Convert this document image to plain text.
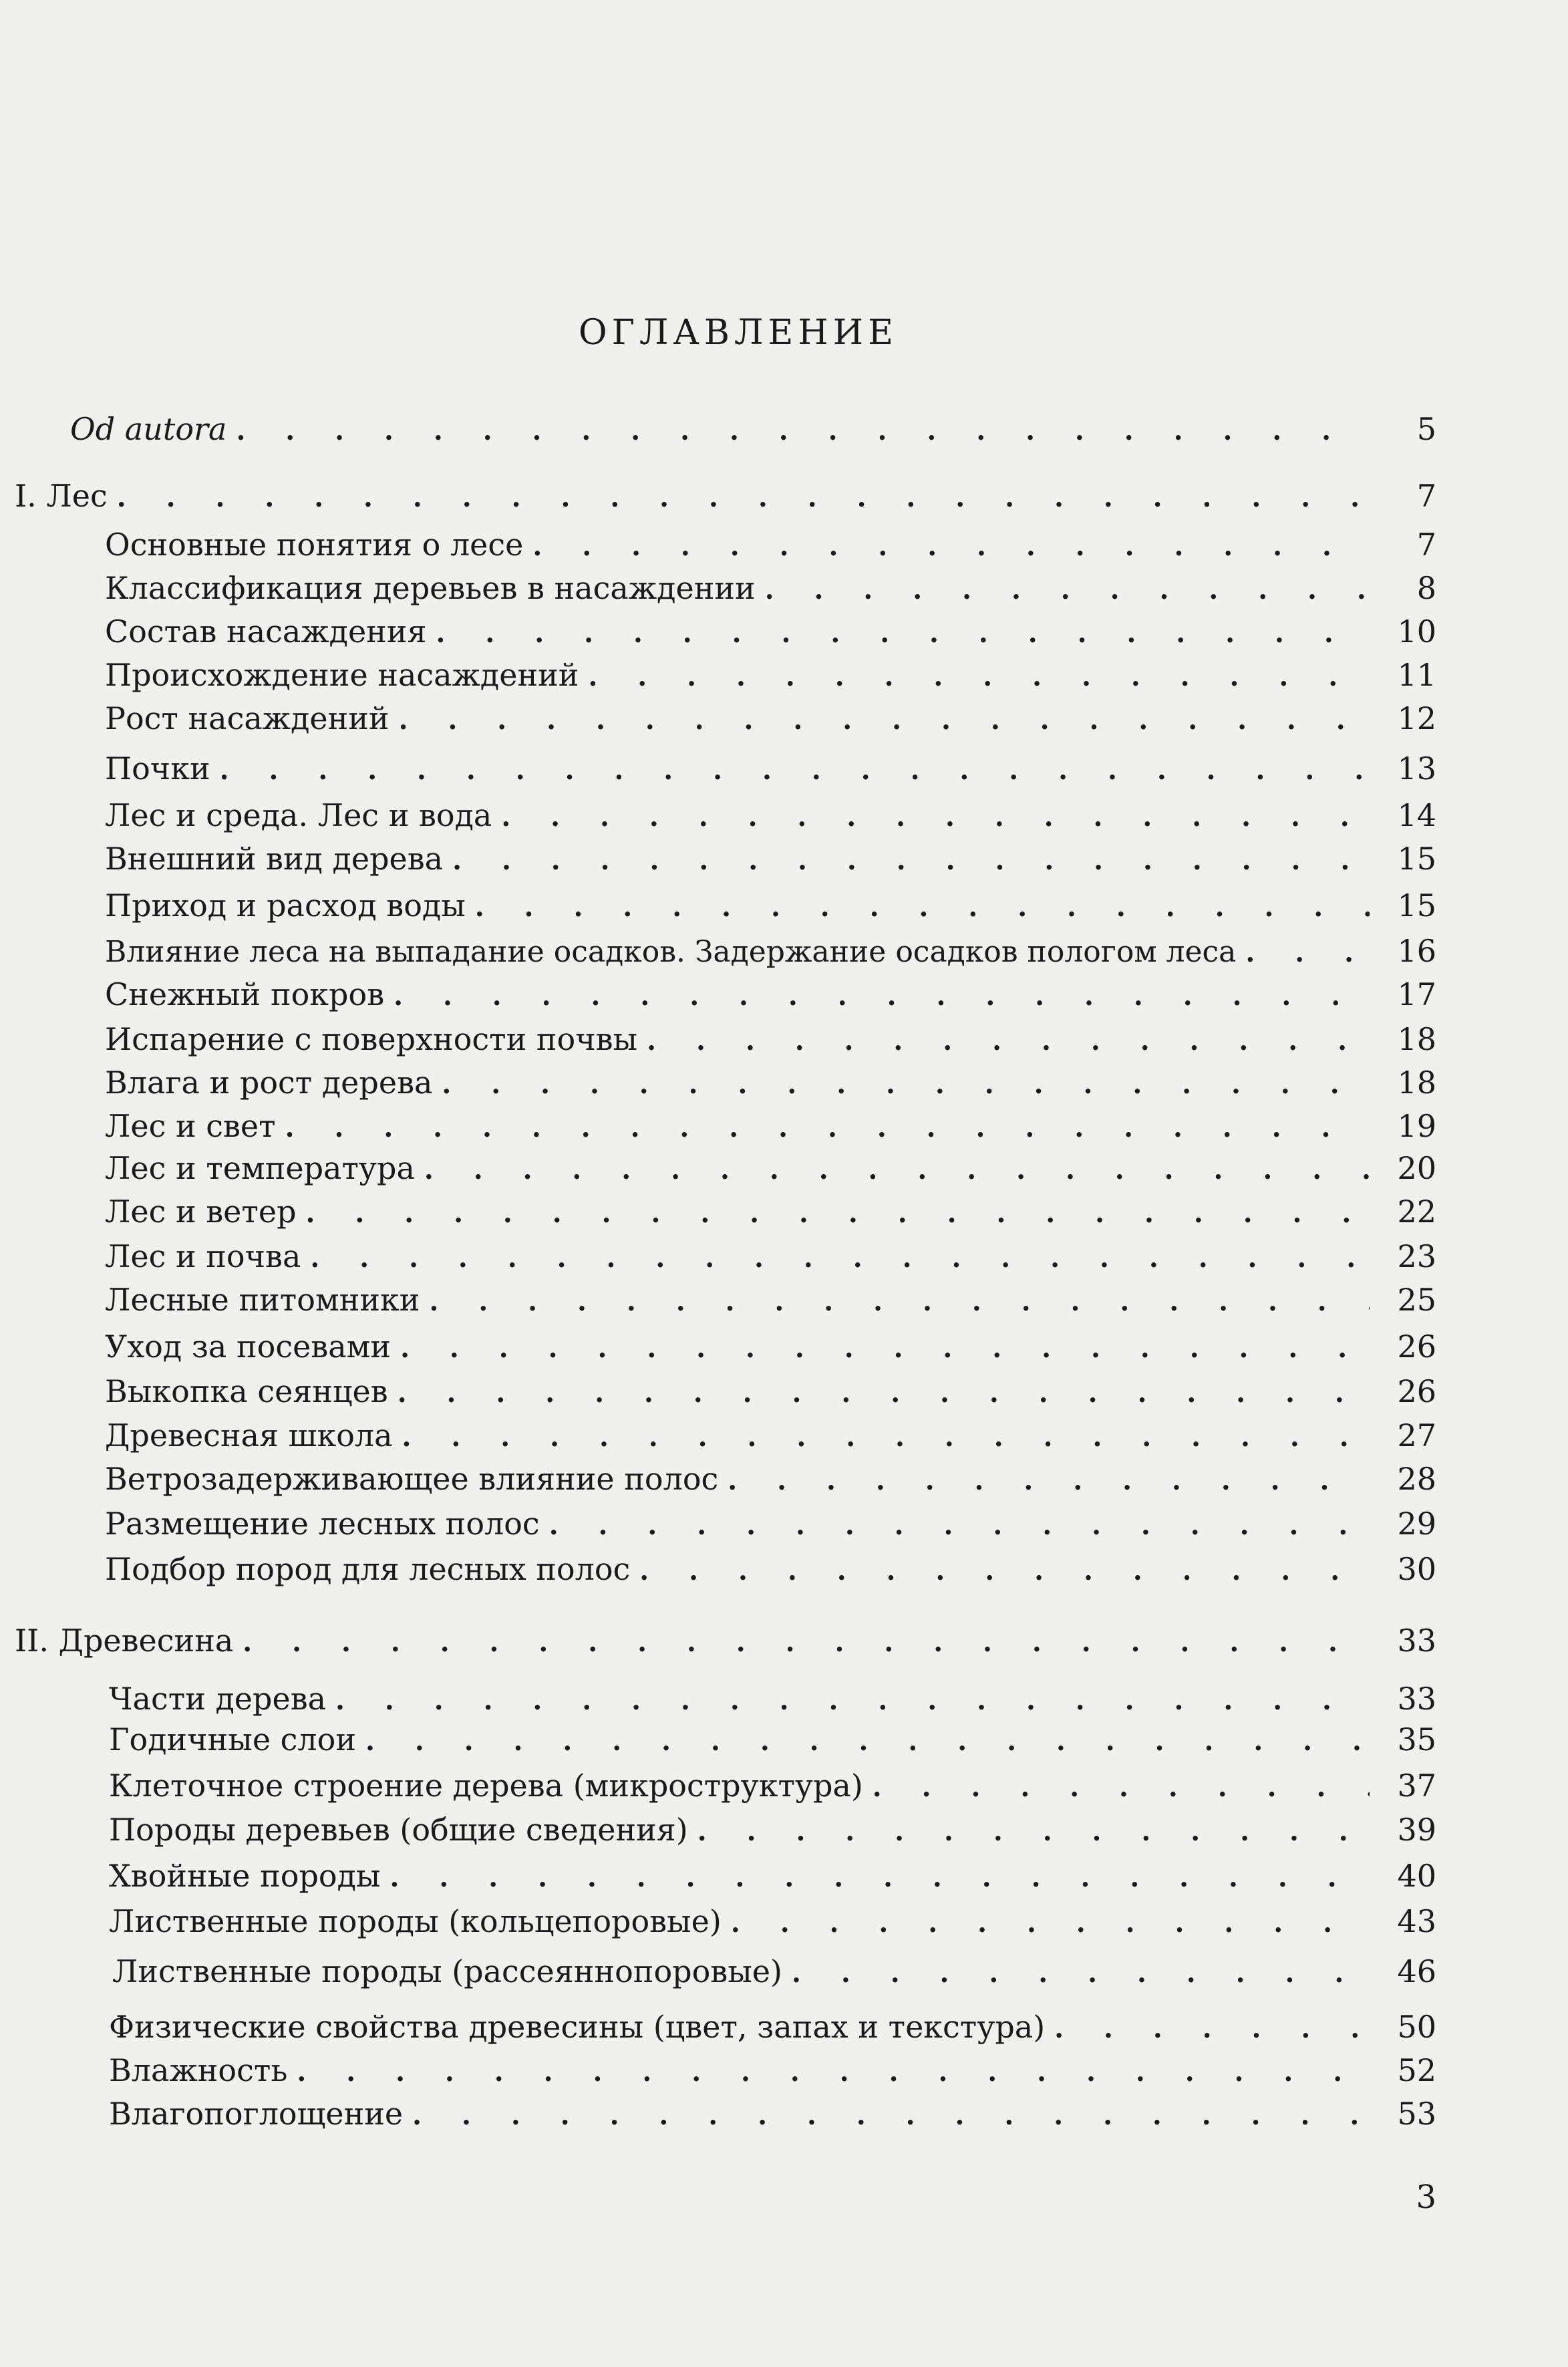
ОГЛАВЛЕНИЕ
Od autora . . .	5
I. Лес . . .	7
Основные понятия о лесе . . .	7
Классификация деревьев в насаждении . . .	8
Состав насаждения . . .	10
Происхождение насаждений . . .	11
Рост насаждений . . .	12
Почки . . .	13
Лес и среда. Лес и вода . . .	14
Внешний вид дерева . . .	15
Приход и расход воды . . .	15
Влияние леса на выпадание осадков. Задержание осадков пологом леса . . .	16
Снежный покров . . .	17
Испарение с поверхности почвы . . .	18
Влага и рост дерева . . .	18
Лес и свет . . .	19
Лес и температура . . .	20
Лес и ветер . . .	22
Лес и почва . . .	23
Лесные питомники . . .	25
Уход за посевами . . .	26
Выкопка сеянцев . . .	26
Древесная школа . . .	27
Ветрозадерживающее влияние полос . . .	28
Размещение лесных полос . . .	29
Подбор пород для лесных полос . . .	30
II. Древесина . . .	33
Части дерева . . .	33
Годичные слои . . .	35
Клеточное строение дерева (микроструктура) . . .	37
Породы деревьев (общие сведения) . . .	39
Хвойные породы . . .	40
Лиственные породы (кольцепоровые) . . .	43
Лиственные породы (рассеяннопоровые) . . .	46
Физические свойства древесины (цвет, запах и текстура) . . .	50
Влажность . . .	52
Влагопоглощение . . .	53
3
